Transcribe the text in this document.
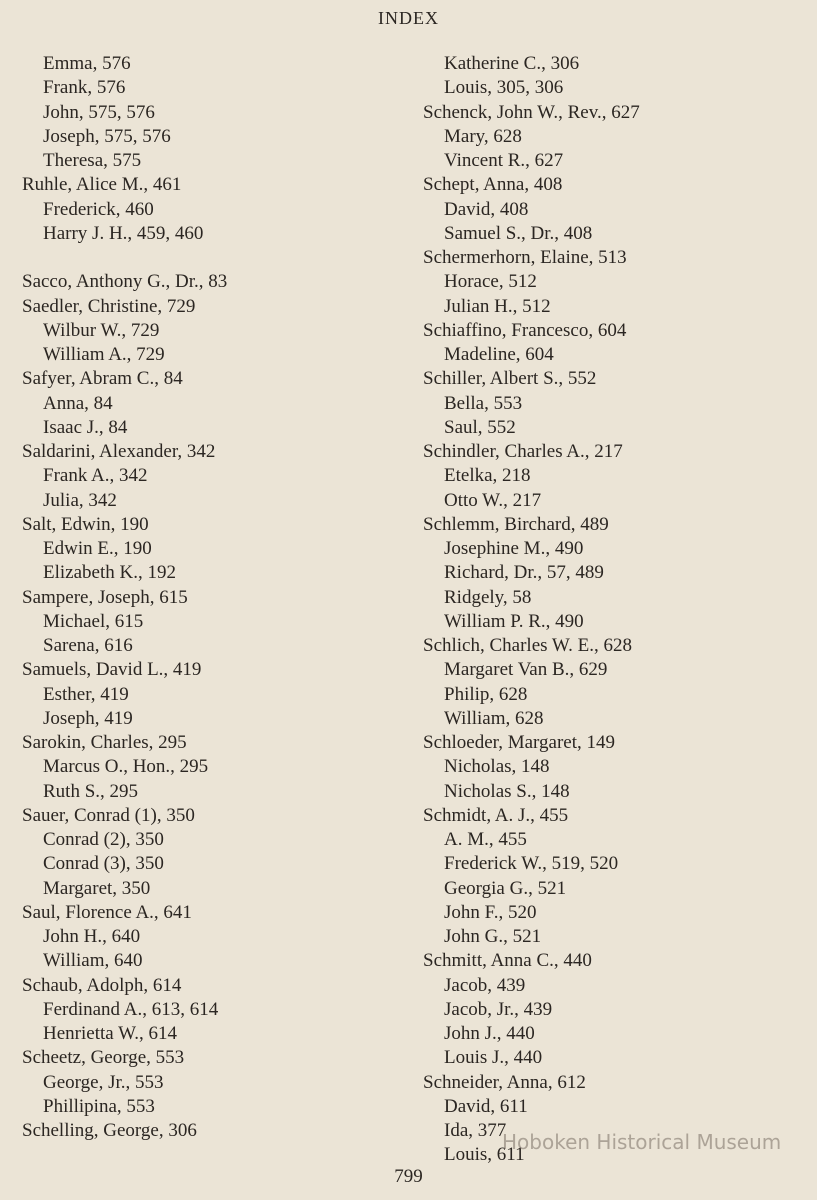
INDEX
Emma, 576
Frank, 576
John, 575, 576
Joseph, 575, 576
Theresa, 575
Ruhle, Alice M., 461
Frederick, 460
Harry J. H., 459, 460
Sacco, Anthony G., Dr., 83
Saedler, Christine, 729
Wilbur W., 729
William A., 729
Safyer, Abram C., 84
Anna, 84
Isaac J., 84
Saldarini, Alexander, 342
Frank A., 342
Julia, 342
Salt, Edwin, 190
Edwin E., 190
Elizabeth K., 192
Sampere, Joseph, 615
Michael, 615
Sarena, 616
Samuels, David L., 419
Esther, 419
Joseph, 419
Sarokin, Charles, 295
Marcus O., Hon., 295
Ruth S., 295
Sauer, Conrad (1), 350
Conrad (2), 350
Conrad (3), 350
Margaret, 350
Saul, Florence A., 641
John H., 640
William, 640
Schaub, Adolph, 614
Ferdinand A., 613, 614
Henrietta W., 614
Scheetz, George, 553
George, Jr., 553
Phillipina, 553
Schelling, George, 306
Katherine C., 306
Louis, 305, 306
Schenck, John W., Rev., 627
Mary, 628
Vincent R., 627
Schept, Anna, 408
David, 408
Samuel S., Dr., 408
Schermerhorn, Elaine, 513
Horace, 512
Julian H., 512
Schiaffino, Francesco, 604
Madeline, 604
Schiller, Albert S., 552
Bella, 553
Saul, 552
Schindler, Charles A., 217
Etelka, 218
Otto W., 217
Schlemm, Birchard, 489
Josephine M., 490
Richard, Dr., 57, 489
Ridgely, 58
William P. R., 490
Schlich, Charles W. E., 628
Margaret Van B., 629
Philip, 628
William, 628
Schloeder, Margaret, 149
Nicholas, 148
Nicholas S., 148
Schmidt, A. J., 455
A. M., 455
Frederick W., 519, 520
Georgia G., 521
John F., 520
John G., 521
Schmitt, Anna C., 440
Jacob, 439
Jacob, Jr., 439
John J., 440
Louis J., 440
Schneider, Anna, 612
David, 611
Ida, 377
Louis, 611
799
Hoboken Historical Museum
